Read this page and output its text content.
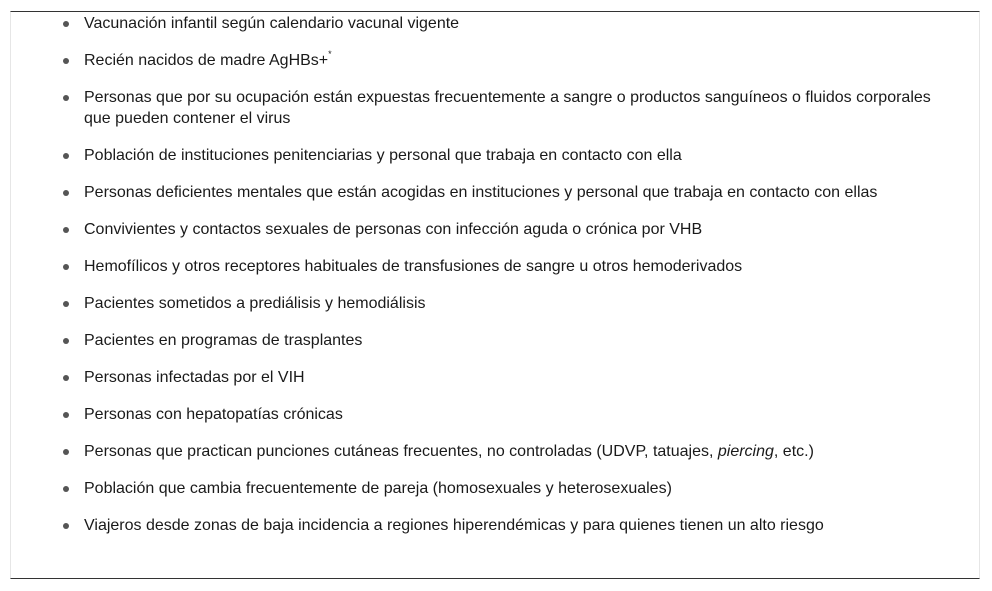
Vacunación infantil según calendario vacunal vigente
Recién nacidos de madre AgHBs+*
Personas que por su ocupación están expuestas frecuentemente a sangre o productos sanguíneos o fluidos corporales que pueden contener el virus
Población de instituciones penitenciarias y personal que trabaja en contacto con ella
Personas deficientes mentales que están acogidas en instituciones y personal que trabaja en contacto con ellas
Convivientes y contactos sexuales de personas con infección aguda o crónica por VHB
Hemofílicos y otros receptores habituales de transfusiones de sangre u otros hemoderivados
Pacientes sometidos a prediálisis y hemodiálisis
Pacientes en programas de trasplantes
Personas infectadas por el VIH
Personas con hepatopatías crónicas
Personas que practican punciones cutáneas frecuentes, no controladas (UDVP, tatuajes, piercing, etc.)
Población que cambia frecuentemente de pareja (homosexuales y heterosexuales)
Viajeros desde zonas de baja incidencia a regiones hiperendémicas y para quienes tienen un alto riesgo
